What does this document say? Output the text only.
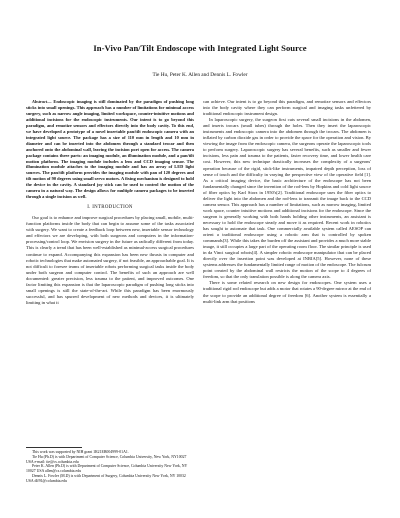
In-Vivo Pan/Tilt Endoscope with Integrated Light Source
Tie Hu, Peter K. Allen and Dennis L. Fowler

Abstract— Endoscopic imaging is still dominated by the paradigm of pushing long sticks into small openings. This approach has a number of limitations for minimal access surgery, such as narrow angle imaging, limited workspace, counter-intuitive motions and additional incisions for the endoscopic instruments. Our intent is to go beyond this paradigm, and remotize sensors and effectors directly into the body cavity. To this end, we have developed a prototype of a novel insertable pan/tilt endoscopic camera with an integrated light source. The package has a size of 110 mm in length and 10 mm in diameter and can be inserted into the abdomen through a standard trocar and then anchored onto the abdominal wall, leaving the incision port open for access. The camera package contains three parts: an imaging module, an illumination module, and a pan/tilt motion platform. The imaging module includes a lens and CCD imaging sensor. The illumination module attaches to the imaging module and has an array of LED light sources. The pan/tilt platform provides the imaging module with pan of 120 degrees and tilt motion of 90 degrees using small servo motors. A fixing mechanism is designed to hold the device in the cavity. A standard joy stick can be used to control the motion of the camera in a natural way. The design allows for multiple camera packages to be inserted through a single incision as well.

I. INTRODUCTION

Our goal is to enhance and improve surgical procedures by placing small, mobile, multi-function platforms inside the body that can begin to assume some of the tasks associated with surgery. We want to create a feedback loop between new, insertable sensor technology and effectors we are developing, with both surgeons and computers in the information-processing/control loop. We envision surgery in the future as radically different from today. This is clearly a trend that has been well-established as minimal-access surgical procedures continue to expand. Accompanying this expansion has been new thrusts in computer and robotic technologies that make automated surgery, if not feasible, an approachable goal. It is not difficult to foresee teams of insertable robots performing surgical tasks inside the body under both surgeon and computer control. The benefits of such an approach are well documented: greater precision, less trauma to the patient, and improved outcomes. One factor limiting this expansion is that the laparoscopic paradigm of pushing long sticks into small openings is still the state-of-the-art. While this paradigm has been enormously successful, and has spurred development of new methods and devices, it is ultimately limiting in what it

This work was supported by NIH grant 1R21EB004999-01A1.

Tie Hu (Ph.D) is with Department of Computer Science, Columbia University, New York, NY10027 USA e-mail: tie@cs.columbia.edu

Peter K. Allen (Ph.D) is with Department of Computer Science, Columbia University New York, NY 10027 USA allen@cs.columbia.edu

Dennis L. Fowler (M.D) is with Department of Surgery, Columbia University New York, NY 10032 USA dlf91@columbia.edu

can achieve. Our intent is to go beyond this paradigm, and remotize sensors and effectors into the body cavity where they can perform surgical and imaging tasks unfettered by traditional endoscopic instrument design.

In laparoscopic surgery, the surgeon first cuts several small incisions in the abdomen, and inserts trocars (small tubes) through the holes. Then they insert the laparoscopic instruments and endoscopic camera into the abdomen through the trocars. The abdomen is inflated by carbon dioxide gas in order to provide the space for the operation and vision. By viewing the image from the endoscopic camera, the surgeons operate the laparoscopic tools to perform surgery. Laparoscopic surgery has several benefits, such as smaller and fewer incisions, less pain and trauma to the patients, faster recovery time, and lower health care cost. However, this new technique drastically increases the complexity of a surgeons' operation because of the rigid, stick-like instruments, impaired depth perception, loss of sense of touch and the difficulty in varying the perspective view of the operative field [1]. As a critical imaging device, the basic architecture of the endoscope has not been fundamentally changed since the invention of the rod-lens by Hopkins and cold light source of fiber optics by Karl Storz in 1950's[2]. Traditional endoscope uses the fiber optics to deliver the light into the abdomen and the rod-lens to transmit the image back to the CCD camera sensor. This approach has a number of limitations, such as narrow imaging, limited work space, counter intuitive motions and additional incisions for the endoscope. Since the surgeon is generally working with both hands holding other instruments, an assistant is necessary to hold the endoscope steady and move it as required. Recent work in robotics has sought to automate that task. One commercially available system called AESOP can orient a traditional endoscope using a robotic arm that is controlled by spoken commands[3]. While this takes the burden off the assistant and provides a much more stable image, it still occupies a large part of the operating room floor. The similar principle is used in da Vinci surgical robots[4]. A simpler robotic endoscope manipulator that can be placed directly over the insertion point was developed at INRIA[5]. However, none of these systems addresses the fundamentally limited range of motion of the endoscope. The fulcrum point created by the abdominal wall restricts the motion of the scope to 4 degrees of freedom, so that the only translation possible is along the camera axis.

There is some related research on new design for endoscopes. One system uses a traditional rigid rod endoscope but adds a motor that rotates a 90-degree mirror at the end of the scope to provide an additional degree of freedom [6]. Another system is essentially a multi-link arm that positions
